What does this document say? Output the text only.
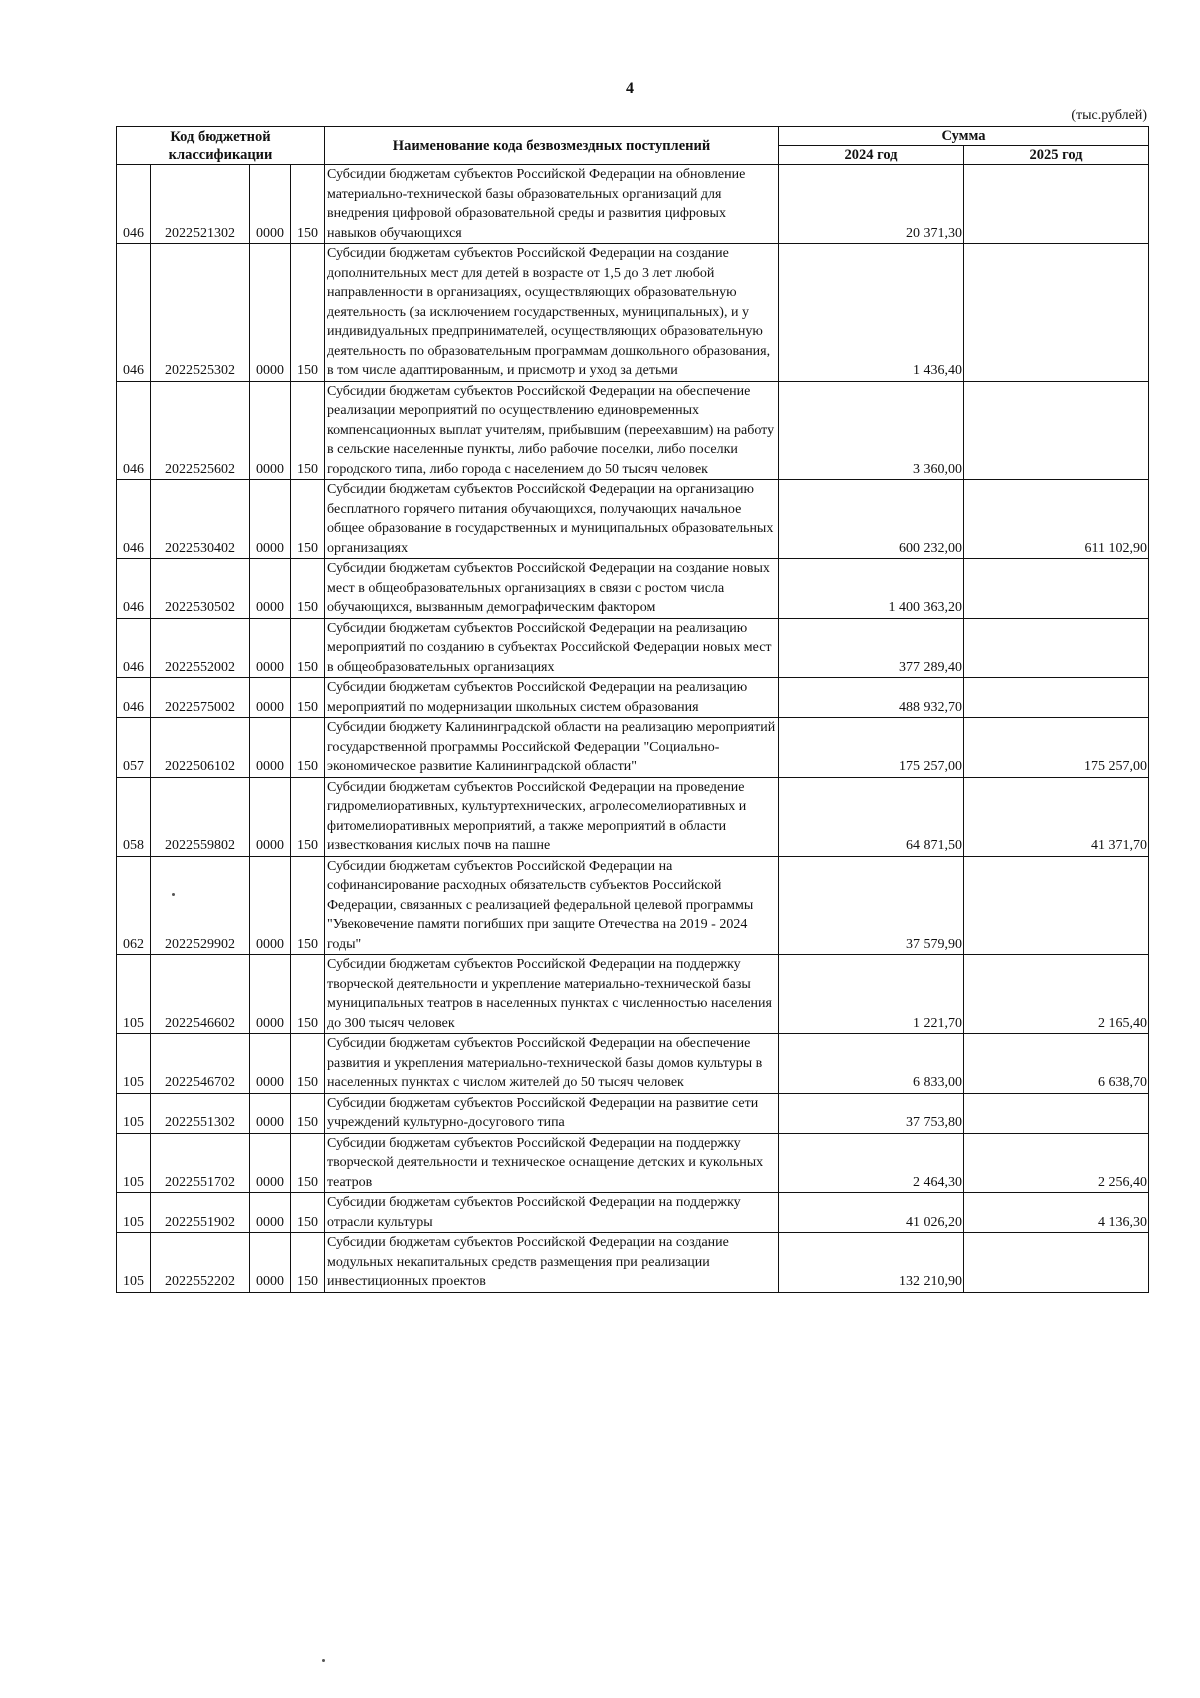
4
(тыс.рублей)
Код бюджетной классификации				Наименование кода безвозмездных поступлений	Сумма	
					2024 год	2025 год
046	2022521302	0000	150	Субсидии бюджетам субъектов Российской Федерации на обновление материально-технической базы образовательных организаций для внедрения цифровой образовательной среды и развития цифровых навыков обучающихся	20 371,30	
046	2022525302	0000	150	Субсидии бюджетам субъектов Российской Федерации на создание дополнительных мест для детей в возрасте от 1,5 до 3 лет любой направленности в организациях, осуществляющих образовательную деятельность (за исключением государственных, муниципальных), и у индивидуальных предпринимателей, осуществляющих образовательную деятельность по образовательным программам дошкольного образования, в том числе адаптированным, и присмотр и уход за детьми	1 436,40	
046	2022525602	0000	150	Субсидии бюджетам субъектов Российской Федерации на обеспечение реализации мероприятий по осуществлению единовременных компенсационных выплат учителям, прибывшим (переехавшим) на работу в сельские населенные пункты, либо рабочие поселки, либо поселки городского типа, либо города с населением до 50 тысяч человек	3 360,00	
046	2022530402	0000	150	Субсидии бюджетам субъектов Российской Федерации на организацию бесплатного горячего питания обучающихся, получающих начальное общее образование в государственных и муниципальных образовательных организациях	600 232,00	611 102,90
046	2022530502	0000	150	Субсидии бюджетам субъектов Российской Федерации на создание новых мест в общеобразовательных организациях в связи с ростом числа обучающихся, вызванным демографическим фактором	1 400 363,20	
046	2022552002	0000	150	Субсидии бюджетам субъектов Российской Федерации на реализацию мероприятий по созданию в субъектах Российской Федерации новых мест в общеобразовательных организациях	377 289,40	
046	2022575002	0000	150	Субсидии бюджетам субъектов Российской Федерации на реализацию мероприятий по модернизации школьных систем образования	488 932,70	
057	2022506102	0000	150	Субсидии бюджету Калининградской области на реализацию мероприятий государственной программы Российской Федерации "Социально-экономическое развитие Калининградской области"	175 257,00	175 257,00
058	2022559802	0000	150	Субсидии бюджетам субъектов Российской Федерации на проведение гидромелиоративных, культуртехнических, агролесомелиоративных и фитомелиоративных мероприятий, а также мероприятий в области известкования кислых почв на пашне	64 871,50	41 371,70
062	2022529902	0000	150	Субсидии бюджетам субъектов Российской Федерации на софинансирование расходных обязательств субъектов Российской Федерации, связанных с реализацией федеральной целевой программы "Увековечение памяти погибших при защите Отечества на 2019 - 2024 годы"	37 579,90	
105	2022546602	0000	150	Субсидии бюджетам субъектов Российской Федерации на поддержку творческой деятельности и укрепление материально-технической базы муниципальных театров в населенных пунктах с численностью населения до 300 тысяч человек	1 221,70	2 165,40
105	2022546702	0000	150	Субсидии бюджетам субъектов Российской Федерации на обеспечение развития и укрепления материально-технической базы домов культуры в населенных пунктах с числом жителей до 50 тысяч человек	6 833,00	6 638,70
105	2022551302	0000	150	Субсидии бюджетам субъектов Российской Федерации на развитие сети учреждений культурно-досугового типа	37 753,80	
105	2022551702	0000	150	Субсидии бюджетам субъектов Российской Федерации на поддержку творческой деятельности и техническое оснащение детских и кукольных театров	2 464,30	2 256,40
105	2022551902	0000	150	Субсидии бюджетам субъектов Российской Федерации на поддержку отрасли культуры	41 026,20	4 136,30
105	2022552202	0000	150	Субсидии бюджетам субъектов Российской Федерации на создание модульных некапитальных средств размещения при реализации инвестиционных проектов	132 210,90	
